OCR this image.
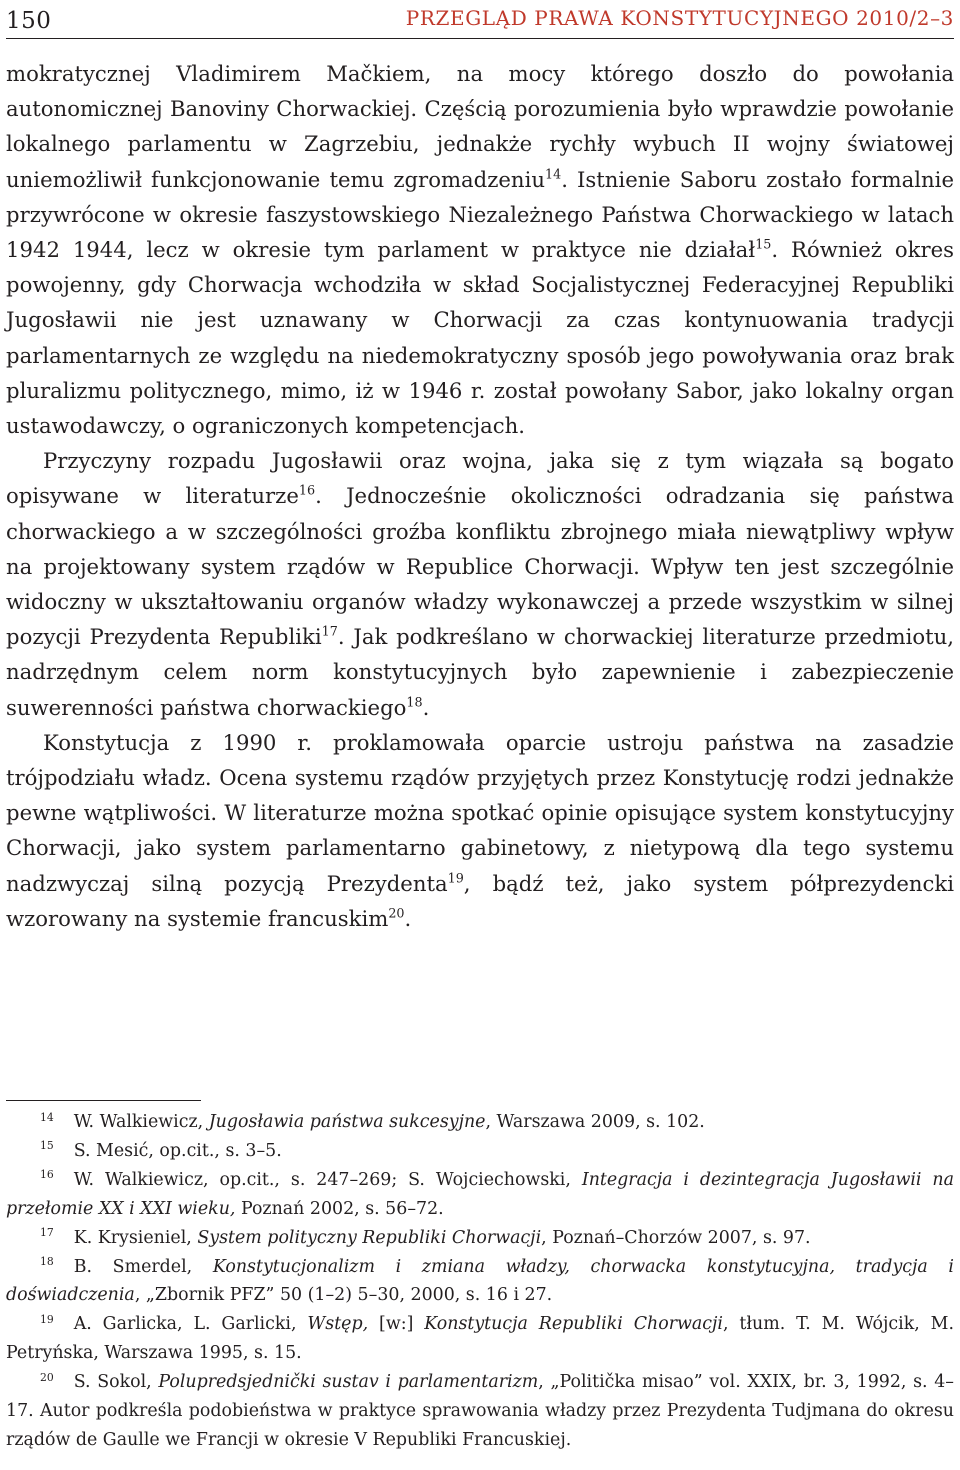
150	PRZEGLĄD PRAWA KONSTYTUCYJNEGO 2010/2–3

mokratycznej Vladimirem Mačkiem, na mocy którego doszło do powołania autonomicznej Banoviny Chorwackiej. Częścią porozumienia było wprawdzie powołanie lokalnego parlamentu w Zagrzebiu, jednakże rychły wybuch II wojny światowej uniemożliwił funkcjonowanie temu zgromadzeniu$^{14}$. Istnienie Saboru zostało formalnie przywrócone w okresie faszystowskiego Niezależnego Państwa Chorwackiego w latach 1942 1944, lecz w okresie tym parlament w praktyce nie działał$^{15}$. Również okres powojenny, gdy Chorwacja wchodziła w skład Socjalistycznej Federacyjnej Republiki Jugosławii nie jest uznawany w Chorwacji za czas kontynuowania tradycji parlamentarnych ze względu na niedemokratyczny sposób jego powoływania oraz brak pluralizmu politycznego, mimo, iż w 1946 r. został powołany Sabor, jako lokalny organ ustawodawczy, o ograniczonych kompetencjach.

Przyczyny rozpadu Jugosławii oraz wojna, jaka się z tym wiązała są bogato opisywane w literaturze$^{16}$. Jednocześnie okoliczności odradzania się państwa chorwackiego a w szczególności groźba konfliktu zbrojnego miała niewątpliwy wpływ na projektowany system rządów w Republice Chorwacji. Wpływ ten jest szczególnie widoczny w ukształtowaniu organów władzy wykonawczej a przede wszystkim w silnej pozycji Prezydenta Republiki$^{17}$. Jak podkreślano w chorwackiej literaturze przedmiotu, nadrzędnym celem norm konstytucyjnych było zapewnienie i zabezpieczenie suwerenności państwa chorwackiego$^{18}$.

Konstytucja z 1990 r. proklamowała oparcie ustroju państwa na zasadzie trójpodziału władz. Ocena systemu rządów przyjętych przez Konstytucję rodzi jednakże pewne wątpliwości. W literaturze można spotkać opinie opisujące system konstytucyjny Chorwacji, jako system parlamentarno gabinetowy, z nietypową dla tego systemu nadzwyczaj silną pozycją Prezydenta$^{19}$, bądź też, jako system półprezydencki wzorowany na systemie francuskim$^{20}$.

$^{14}$ W. Walkiewicz, Jugosławia państwa sukcesyjne, Warszawa 2009, s. 102.

$^{15}$ S. Mesić, op.cit., s. 3–5.

$^{16}$ W. Walkiewicz, op.cit., s. 247–269; S. Wojciechowski, Integracja i dezintegracja Jugosławii na przełomie XX i XXI wieku, Poznań 2002, s. 56–72.

$^{17}$ K. Krysieniel, System polityczny Republiki Chorwacji, Poznań–Chorzów 2007, s. 97.

$^{18}$ B. Smerdel, Konstytucjonalizm i zmiana władzy, chorwacka konstytucyjna, tradycja i doświadczenia, „Zbornik PFZ” 50 (1–2) 5–30, 2000, s. 16 i 27.

$^{19}$ A. Garlicka, L. Garlicki, Wstęp, [w:] Konstytucja Republiki Chorwacji, tłum. T. M. Wójcik, M. Petryńska, Warszawa 1995, s. 15.

$^{20}$ S. Sokol, Polupredsjednički sustav i parlamentarizm, „Politička misao” vol. XXIX, br. 3, 1992, s. 4–17. Autor podkreśla podobieństwa w praktyce sprawowania władzy przez Prezydenta Tudjmana do okresu rządów de Gaulle we Francji w okresie V Republiki Francuskiej.
